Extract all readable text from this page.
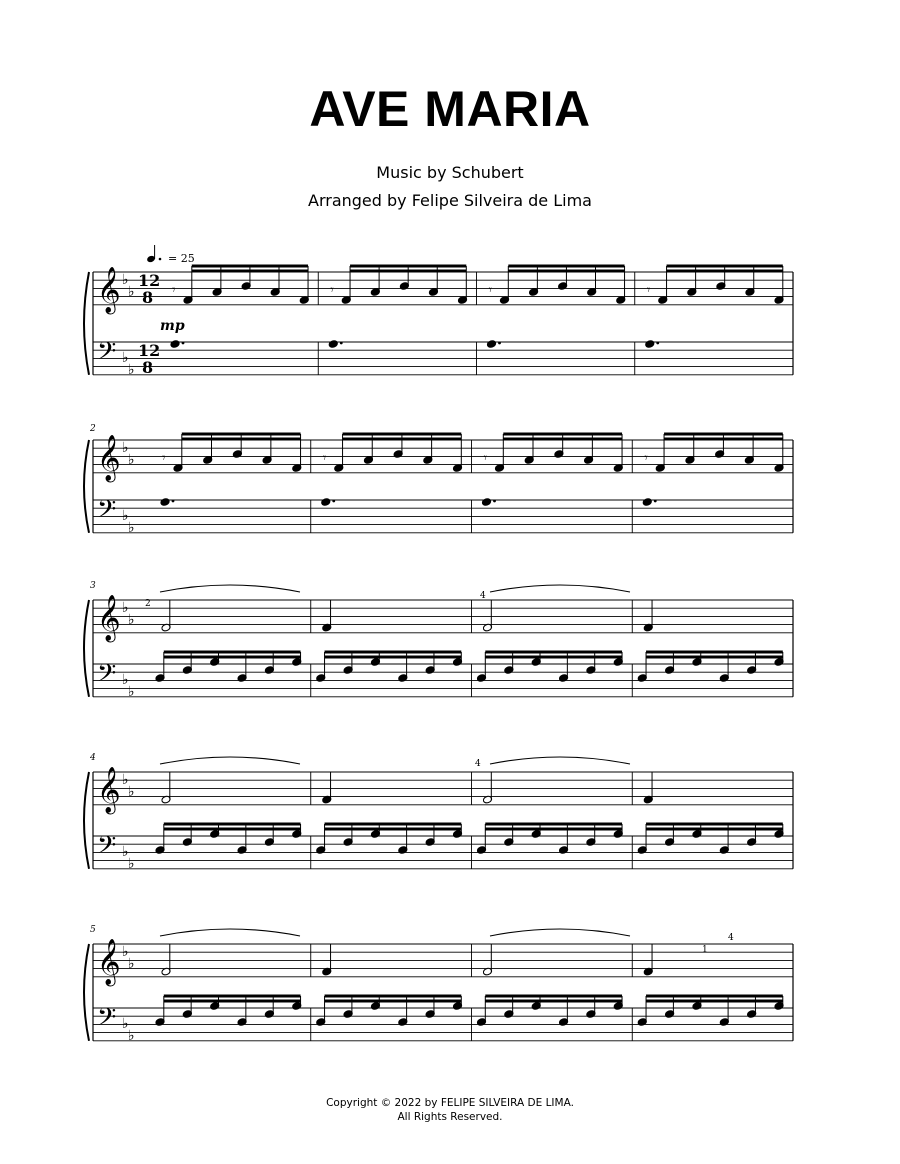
AVE MARIA
Music by Schubert
Arranged by Felipe Silveira de Lima
𝄞
𝄢
♭
♭
♭
♭
𝄾	𝄾	𝄾	𝄾
𝄞
𝄢
♭
♭
♭
♭
𝄾	𝄾	𝄾	𝄾
𝄞
𝄢
♭
♭
♭
♭
𝄞
𝄢
♭
♭
♭
♭
𝄞
𝄢
♭
♭
♭
♭
= 25
mp
2
3
4
5
2
4
4
1
4
12
8
12
8
Copyright © 2022 by FELIPE SILVEIRA DE LIMA.
All Rights Reserved.
